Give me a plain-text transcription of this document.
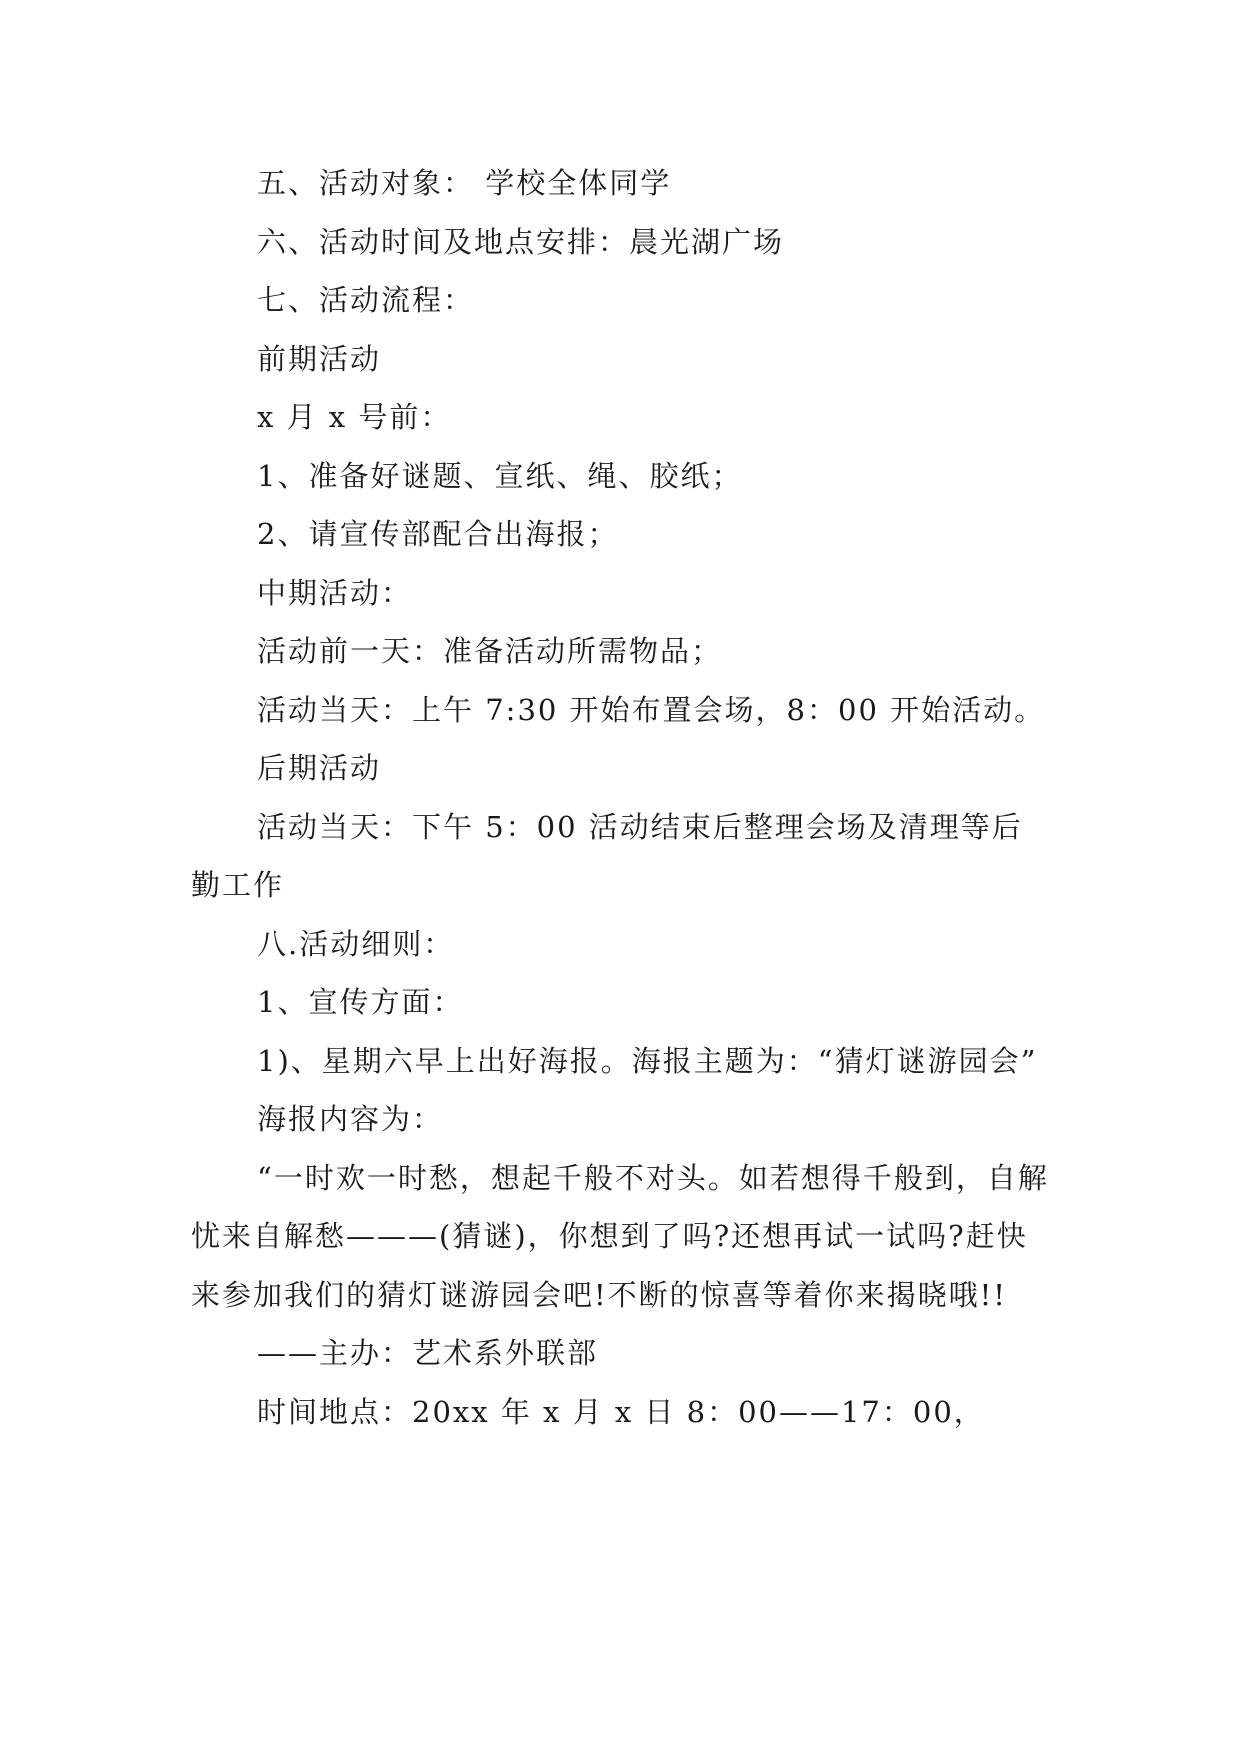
五、活动对象： 学校全体同学

六、活动时间及地点安排：晨光湖广场

七、活动流程：

前期活动

x 月 x 号前：

1、准备好谜题、宣纸、绳、胶纸；

2、请宣传部配合出海报；

中期活动：

活动前一天：准备活动所需物品；

活动当天：上午 7:30 开始布置会场，8：00 开始活动。

后期活动

活动当天：下午 5：00 活动结束后整理会场及清理等后勤工作

八.活动细则：

1、宣传方面：

1)、星期六早上出好海报。海报主题为：“猜灯谜游园会”

海报内容为：

“一时欢一时愁，想起千般不对头。如若想得千般到，自解忧来自解愁———(猜谜)，你想到了吗?还想再试一试吗?赶快来参加我们的猜灯谜游园会吧!不断的惊喜等着你来揭晓哦!!

——主办：艺术系外联部

时间地点：20xx 年 x 月 x 日 8：00——17：00，
